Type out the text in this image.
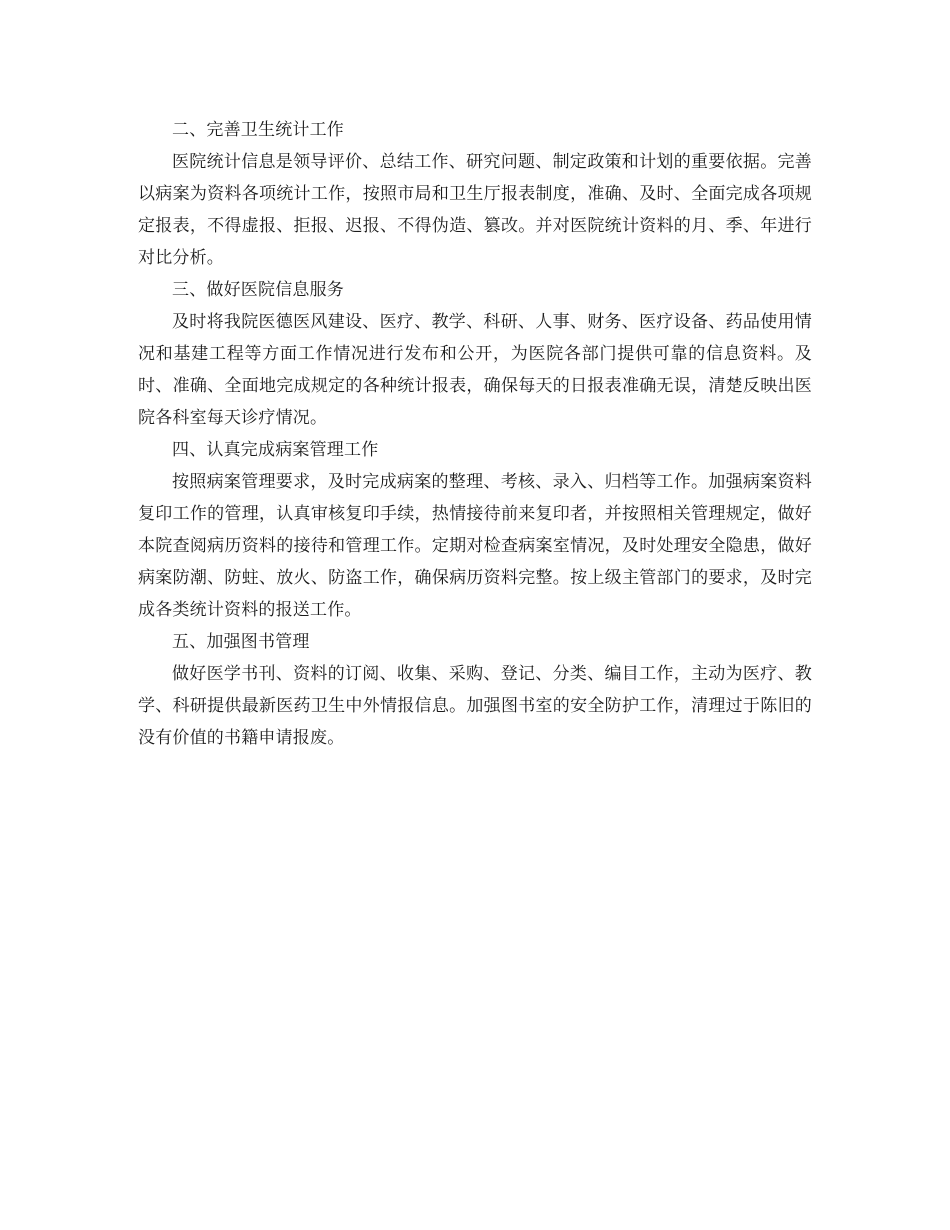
二、完善卫生统计工作

医院统计信息是领导评价、总结工作、研究问题、制定政策和计划的重要依据。完善以病案为资料各项统计工作，按照市局和卫生厅报表制度，准确、及时、全面完成各项规定报表，不得虚报、拒报、迟报、不得伪造、篡改。并对医院统计资料的月、季、年进行对比分析。

三、做好医院信息服务

及时将我院医德医风建设、医疗、教学、科研、人事、财务、医疗设备、药品使用情况和基建工程等方面工作情况进行发布和公开，为医院各部门提供可靠的信息资料。及时、准确、全面地完成规定的各种统计报表，确保每天的日报表准确无误，清楚反映出医院各科室每天诊疗情况。

四、认真完成病案管理工作

按照病案管理要求，及时完成病案的整理、考核、录入、归档等工作。加强病案资料复印工作的管理，认真审核复印手续，热情接待前来复印者，并按照相关管理规定，做好本院查阅病历资料的接待和管理工作。定期对检查病案室情况，及时处理安全隐患，做好病案防潮、防蛀、放火、防盗工作，确保病历资料完整。按上级主管部门的要求，及时完成各类统计资料的报送工作。

五、加强图书管理

做好医学书刊、资料的订阅、收集、采购、登记、分类、编目工作，主动为医疗、教学、科研提供最新医药卫生中外情报信息。加强图书室的安全防护工作，清理过于陈旧的没有价值的书籍申请报废。
